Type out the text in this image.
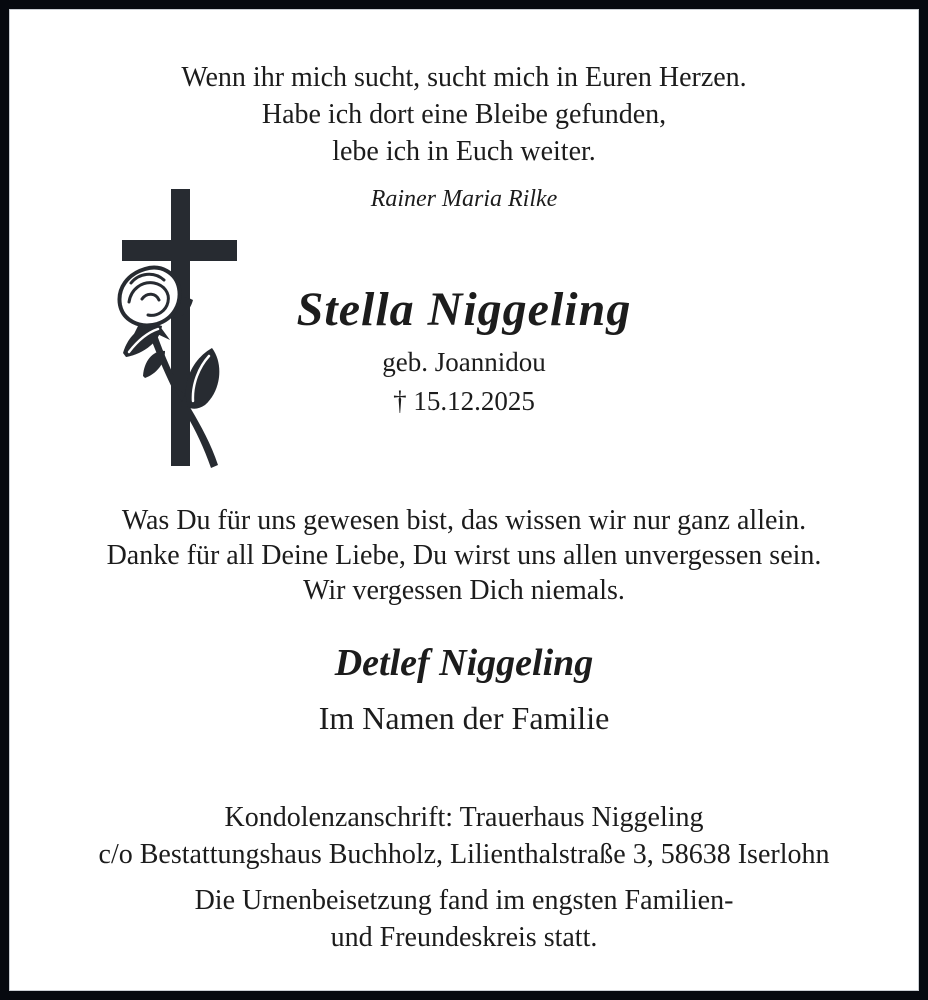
Wenn ihr mich sucht, sucht mich in Euren Herzen.
Habe ich dort eine Bleibe gefunden,
lebe ich in Euch weiter.
Rainer Maria Rilke
Stella Niggeling
geb. Joannidou
† 15.12.2025
Was Du für uns gewesen bist, das wissen wir nur ganz allein.
Danke für all Deine Liebe, Du wirst uns allen unvergessen sein.
Wir vergessen Dich niemals.
Detlef Niggeling
Im Namen der Familie
Kondolenzanschrift: Trauerhaus Niggeling
c/o Bestattungshaus Buchholz, Lilienthalstraße 3, 58638 Iserlohn
Die Urnenbeisetzung fand im engsten Familien-
und Freundeskreis statt.
